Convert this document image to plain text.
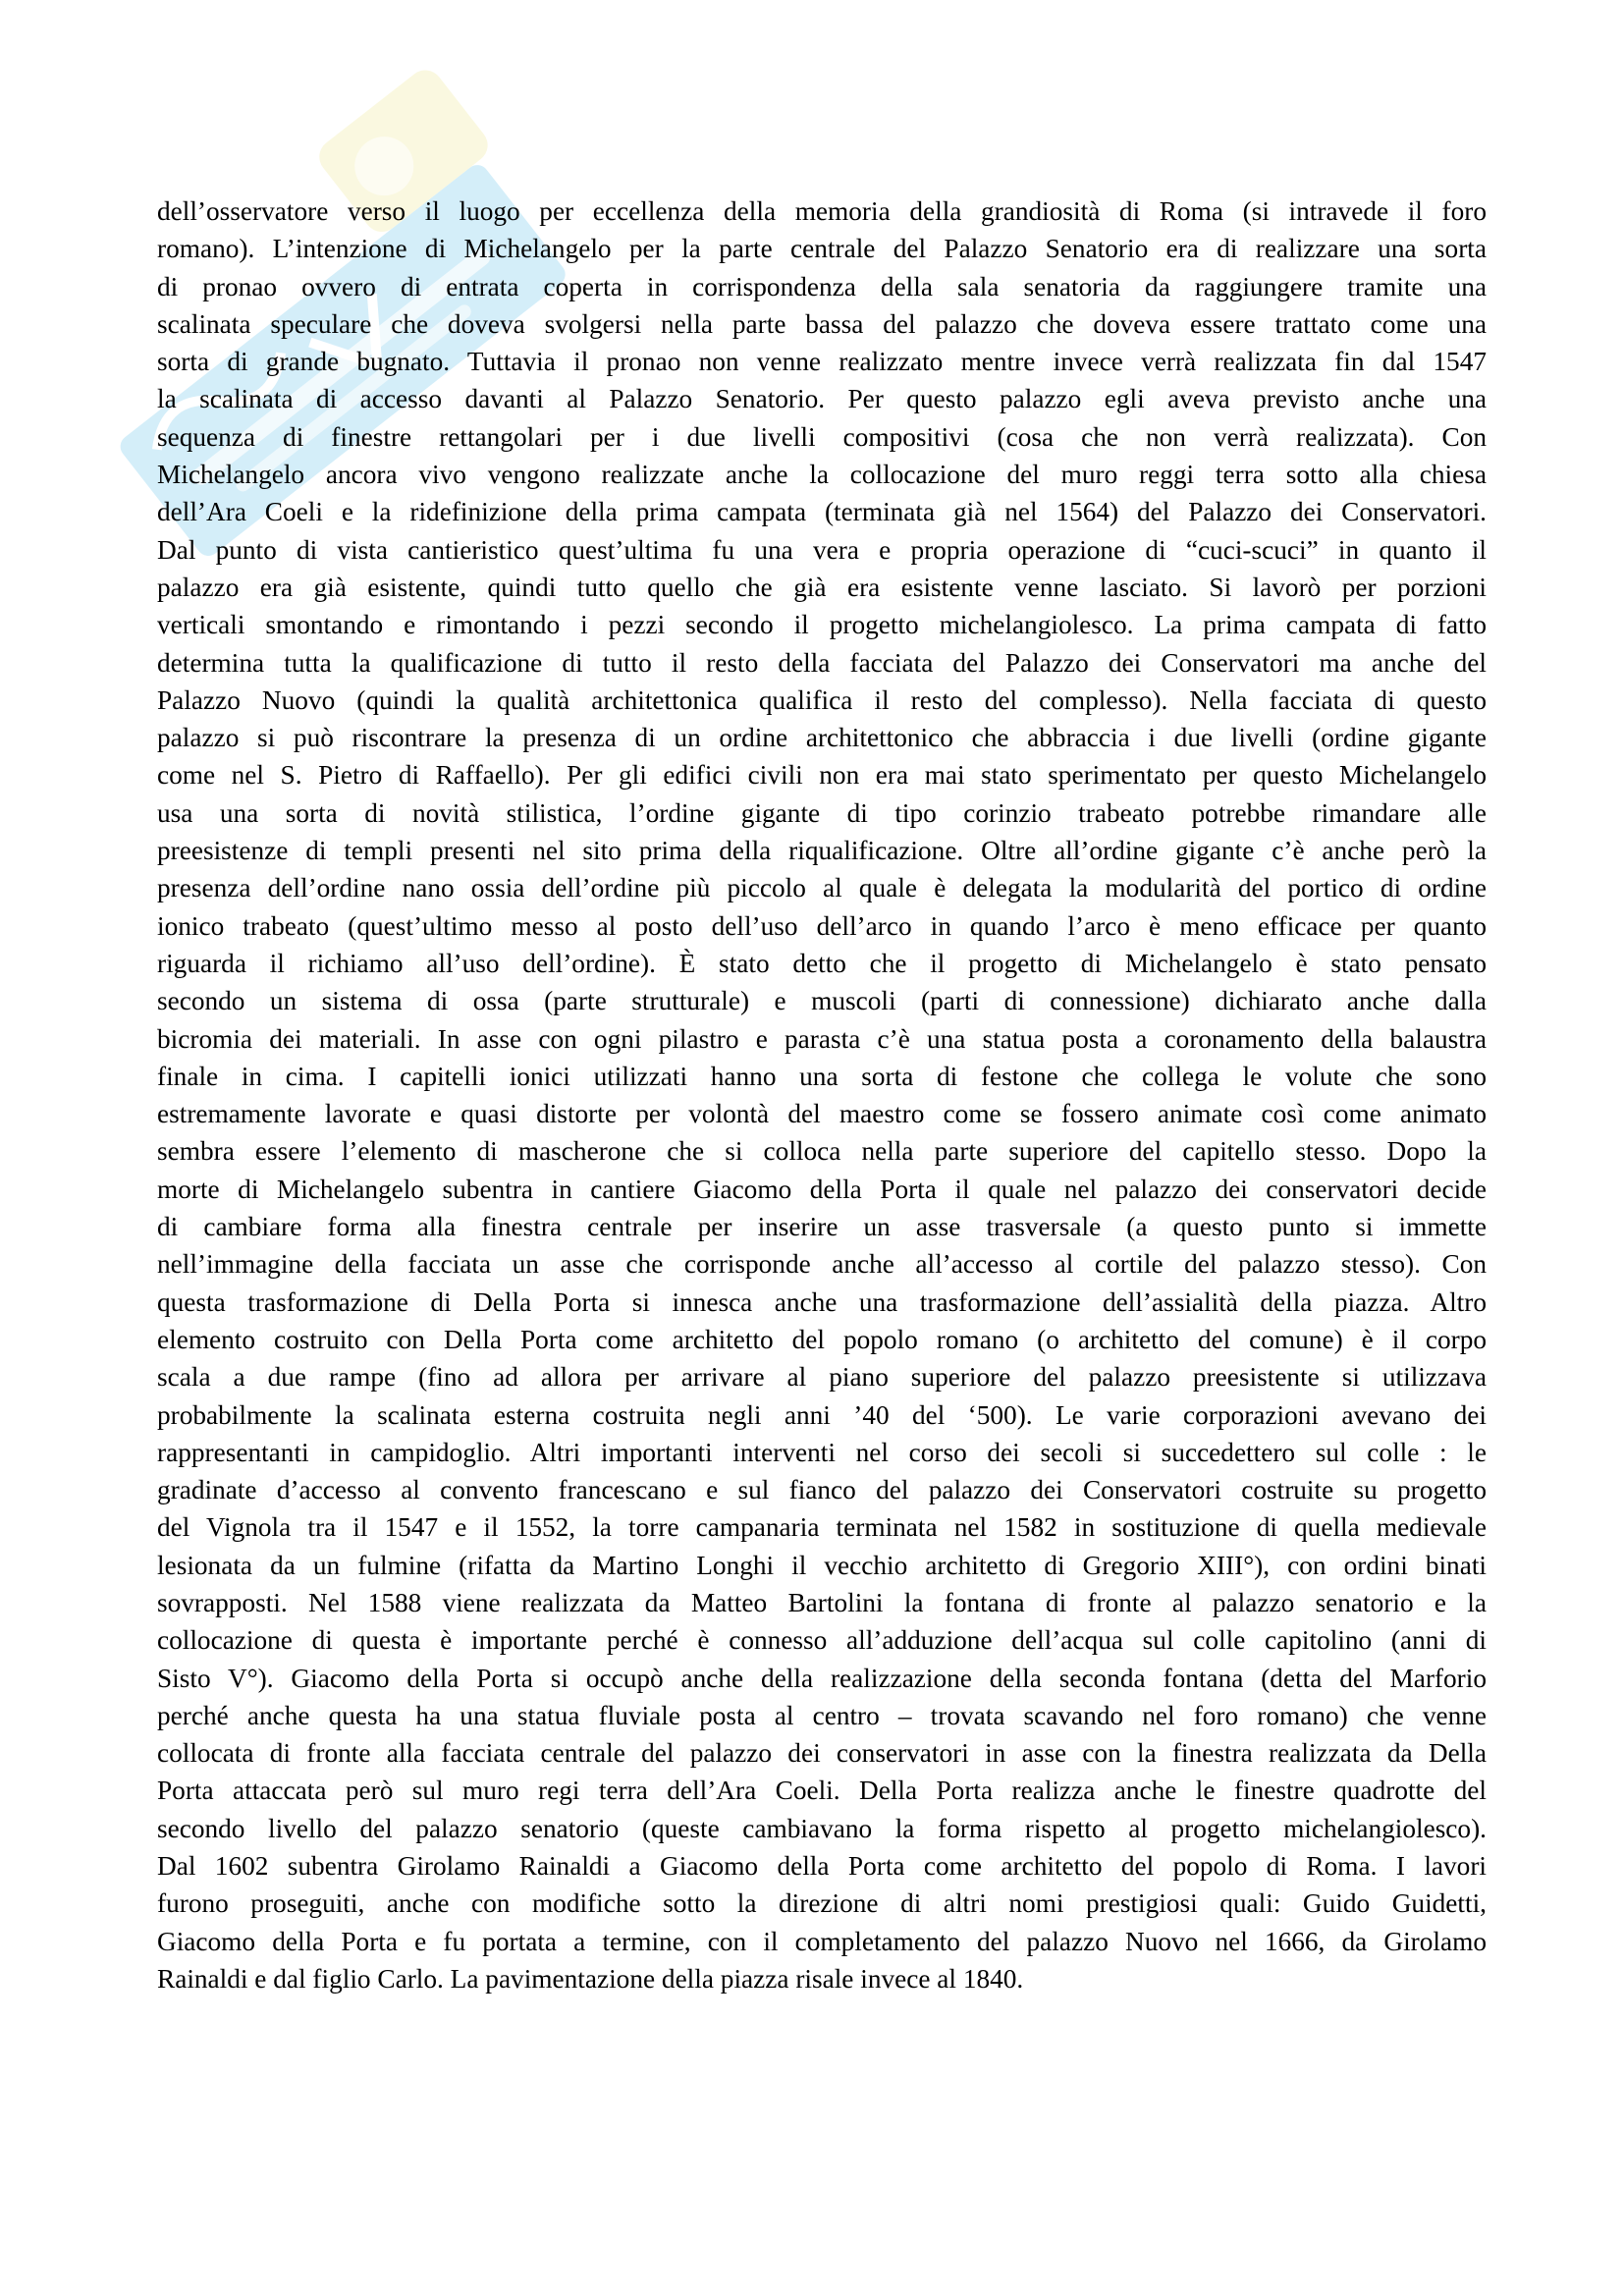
dell’osservatore verso il luogo per eccellenza della memoria della grandiosità di Roma (si intravede il foro
romano). L’intenzione di Michelangelo per la parte centrale del Palazzo Senatorio era di realizzare una sorta
di pronao ovvero di entrata coperta in corrispondenza della sala senatoria da raggiungere tramite una
scalinata speculare che doveva svolgersi nella parte bassa del palazzo che doveva essere trattato come una
sorta di grande bugnato. Tuttavia il pronao non venne realizzato mentre invece verrà realizzata fin dal 1547
la scalinata di accesso davanti al Palazzo Senatorio. Per questo palazzo egli aveva previsto anche una
sequenza di finestre rettangolari per i due livelli compositivi (cosa che non verrà realizzata). Con
Michelangelo ancora vivo vengono realizzate anche la collocazione del muro reggi terra sotto alla chiesa
dell’Ara Coeli e la ridefinizione della prima campata (terminata già nel 1564) del Palazzo dei Conservatori.
Dal punto di vista cantieristico quest’ultima fu una vera e propria operazione di “cuci-scuci” in quanto il
palazzo era già esistente, quindi tutto quello che già era esistente venne lasciato. Si lavorò per porzioni
verticali smontando e rimontando i pezzi secondo il progetto michelangiolesco. La prima campata di fatto
determina tutta la qualificazione di tutto il resto della facciata del Palazzo dei Conservatori ma anche del
Palazzo Nuovo (quindi la qualità architettonica qualifica il resto del complesso). Nella facciata di questo
palazzo si può riscontrare la presenza di un ordine architettonico che abbraccia i due livelli (ordine gigante
come nel S. Pietro di Raffaello). Per gli edifici civili non era mai stato sperimentato per questo Michelangelo
usa una sorta di novità stilistica, l’ordine gigante di tipo corinzio trabeato potrebbe rimandare alle
preesistenze di templi presenti nel sito prima della riqualificazione. Oltre all’ordine gigante c’è anche però la
presenza dell’ordine nano ossia dell’ordine più piccolo al quale è delegata la modularità del portico di ordine
ionico trabeato (quest’ultimo messo al posto dell’uso dell’arco in quando l’arco è meno efficace per quanto
riguarda il richiamo all’uso dell’ordine). È stato detto che il progetto di Michelangelo è stato pensato
secondo un sistema di ossa (parte strutturale) e muscoli (parti di connessione) dichiarato anche dalla
bicromia dei materiali. In asse con ogni pilastro e parasta c’è una statua posta a coronamento della balaustra
finale in cima. I capitelli ionici utilizzati hanno una sorta di festone che collega le volute che sono
estremamente lavorate e quasi distorte per volontà del maestro come se fossero animate così come animato
sembra essere l’elemento di mascherone che si colloca nella parte superiore del capitello stesso. Dopo la
morte di Michelangelo subentra in cantiere Giacomo della Porta il quale nel palazzo dei conservatori decide
di cambiare forma alla finestra centrale per inserire un asse trasversale (a questo punto si immette
nell’immagine della facciata un asse che corrisponde anche all’accesso al cortile del palazzo stesso). Con
questa trasformazione di Della Porta si innesca anche una trasformazione dell’assialità della piazza. Altro
elemento costruito con Della Porta come architetto del popolo romano (o architetto del comune) è il corpo
scala a due rampe (fino ad allora per arrivare al piano superiore del palazzo preesistente si utilizzava
probabilmente la scalinata esterna costruita negli anni ’40 del ‘500). Le varie corporazioni avevano dei
rappresentanti in campidoglio. Altri importanti interventi nel corso dei secoli si succedettero sul colle : le
gradinate d’accesso al convento francescano e sul fianco del palazzo dei Conservatori costruite su progetto
del Vignola tra il 1547 e il 1552, la torre campanaria terminata nel 1582 in sostituzione di quella medievale
lesionata da un fulmine (rifatta da Martino Longhi il vecchio architetto di Gregorio XIII°), con ordini binati
sovrapposti. Nel 1588 viene realizzata da Matteo Bartolini la fontana di fronte al palazzo senatorio e la
collocazione di questa è importante perché è connesso all’adduzione dell’acqua sul colle capitolino (anni di
Sisto V°). Giacomo della Porta si occupò anche della realizzazione della seconda fontana (detta del Marforio
perché anche questa ha una statua fluviale posta al centro – trovata scavando nel foro romano) che venne
collocata di fronte alla facciata centrale del palazzo dei conservatori in asse con la finestra realizzata da Della
Porta attaccata però sul muro regi terra dell’Ara Coeli. Della Porta realizza anche le finestre quadrotte del
secondo livello del palazzo senatorio (queste cambiavano la forma rispetto al progetto michelangiolesco).
Dal 1602 subentra Girolamo Rainaldi a Giacomo della Porta come architetto del popolo di Roma. I lavori
furono proseguiti, anche con modifiche sotto la direzione di altri nomi prestigiosi quali: Guido Guidetti,
Giacomo della Porta e fu portata a termine, con il completamento del palazzo Nuovo nel 1666, da Girolamo
Rainaldi e dal figlio Carlo. La pavimentazione della piazza risale invece al 1840.
